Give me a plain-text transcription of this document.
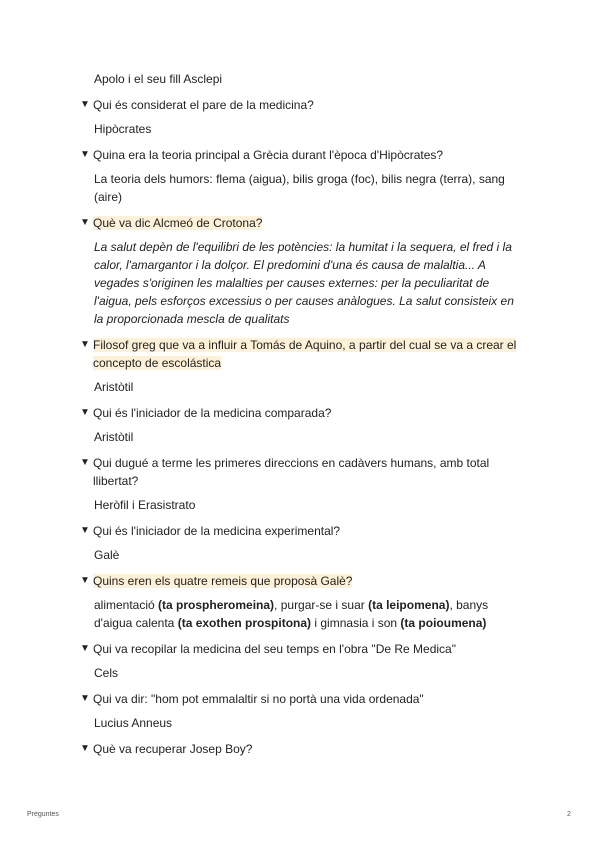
Apolo i el seu fill Asclepi
▼ Qui és considerat el pare de la medicina?
Hipòcrates
▼ Quina era la teoria principal a Grècia durant l'època d'Hipòcrates?
La teoria dels humors: flema (aigua), bilis groga (foc), bilis negra (terra), sang (aire)
▼ Què va dic Alcmeó de Crotona?
La salut depèn de l'equilibri de les potències: la humitat i la sequera, el fred i la calor, l'amargantor i la dolçor. El predomini d'una és causa de malaltia... A vegades s'originen les malalties per causes externes: per la peculiaritat de l'aigua, pels esforços excessius o per causes anàlogues. La salut consisteix en la proporcionada mescla de qualitats
▼ Filosof greg que va a influir a Tomás de Aquino, a partir del cual se va a crear el concepto de escolástica
Aristòtil
▼ Qui és l'iniciador de la medicina comparada?
Aristòtil
▼ Qui dugué a terme les primeres direccions en cadàvers humans, amb total llibertat?
Heròfil i Erasistrato
▼ Qui és l'iniciador de la medicina experimental?
Galè
▼ Quins eren els quatre remeis que proposà Galè?
alimentació (ta prospheromeina), purgar-se i suar (ta leipomena), banys d'aigua calenta (ta exothen prospitona) i gimnasia i son (ta poioumena)
▼ Qui va recopilar la medicina del seu temps en l'obra "De Re Medica"
Cels
▼ Qui va dir: "hom pot emmalaltir si no portà una vida ordenada"
Lucius Anneus
▼ Què va recuperar Josep Boy?
Preguntes	2
